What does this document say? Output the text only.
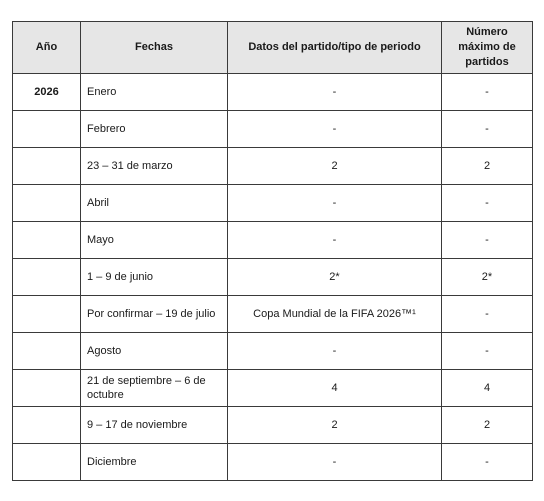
Año	Fechas	Datos del partido/tipo de periodo	Número máximo de partidos
2026	Enero	-	-
	Febrero	-	-
	23 – 31 de marzo	2	2
	Abril	-	-
	Mayo	-	-
	1 – 9 de junio	2*	2*
	Por confirmar – 19 de julio	Copa Mundial de la FIFA 2026™¹	-
	Agosto	-	-
	21 de septiembre – 6 de octubre	4	4
	9 – 17 de noviembre	2	2
	Diciembre	-	-
